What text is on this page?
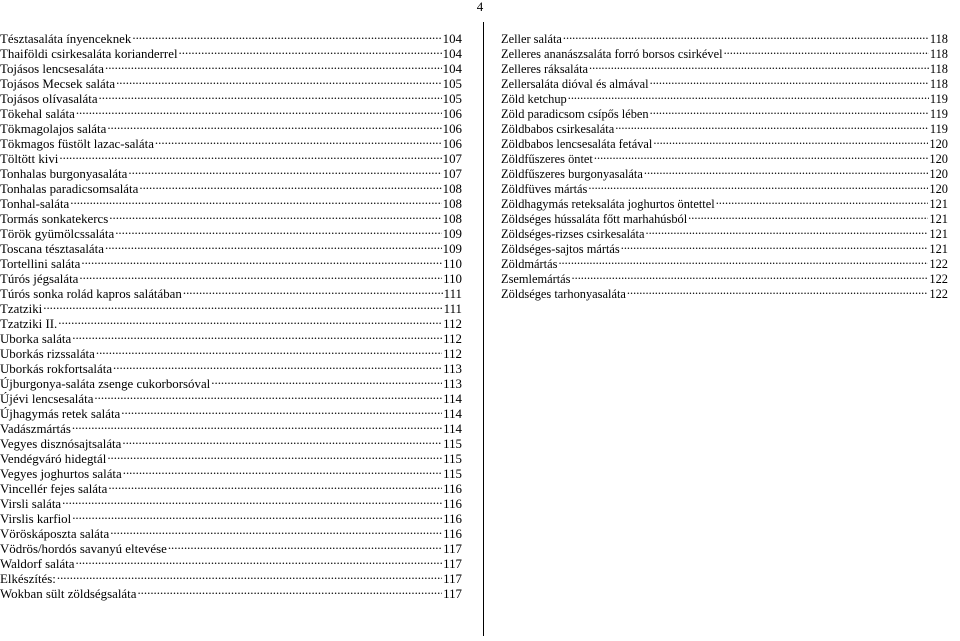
4
Tésztasaláta ínyenceknek .....	104
Thaiföldi csirkesaláta korianderrel .....	104
Tojásos lencsesaláta .....	104
Tojásos Mecsek saláta .....	105
Tojásos olívasaláta .....	105
Tökehal saláta .....	106
Tökmagolajos saláta .....	106
Tökmagos füstölt lazac-saláta .....	106
Töltött kivi .....	107
Tonhalas burgonyasaláta .....	107
Tonhalas paradicsomsaláta .....	108
Tonhal-saláta .....	108
Tormás sonkatekercs .....	108
Török gyümölcssaláta .....	109
Toscana tésztasaláta .....	109
Tortellini saláta .....	110
Túrós jégsaláta .....	110
Túrós sonka rolád kapros salátában .....	111
Tzatziki .....	111
Tzatziki II. .....	112
Uborka saláta .....	112
Uborkás rizssaláta .....	112
Uborkás rokfortsaláta .....	113
Újburgonya-saláta zsenge cukorborsóval .....	113
Újévi lencsesaláta .....	114
Újhagymás retek saláta .....	114
Vadászmártás .....	114
Vegyes disznósajtsaláta .....	115
Vendégváró hidegtál .....	115
Vegyes joghurtos saláta .....	115
Vincellér fejes saláta .....	116
Virsli saláta .....	116
Virslis karfiol .....	116
Vöröskáposzta saláta .....	116
Vödrös/hordós savanyú eltevése .....	117
Waldorf saláta .....	117
Elkészítés: .....	117
Wokban sült zöldségsaláta .....	117
Zeller saláta .....	118
Zelleres ananászsaláta forró borsos csirkével .....	118
Zelleres ráksaláta .....	118
Zellersaláta dióval és almával .....	118
Zöld ketchup .....	119
Zöld paradicsom csípős lében .....	119
Zöldbabos csirkesaláta .....	119
Zöldbabos lencsesaláta fetával .....	120
Zöldfűszeres öntet .....	120
Zöldfűszeres burgonyasaláta .....	120
Zöldfüves mártás .....	120
Zöldhagymás reteksaláta joghurtos öntettel .....	121
Zöldséges hússaláta főtt marhahúsból .....	121
Zöldséges-rizses csirkesaláta .....	121
Zöldséges-sajtos mártás .....	121
Zöldmártás .....	122
Zsemlemártás .....	122
Zöldséges tarhonyasaláta .....	122
